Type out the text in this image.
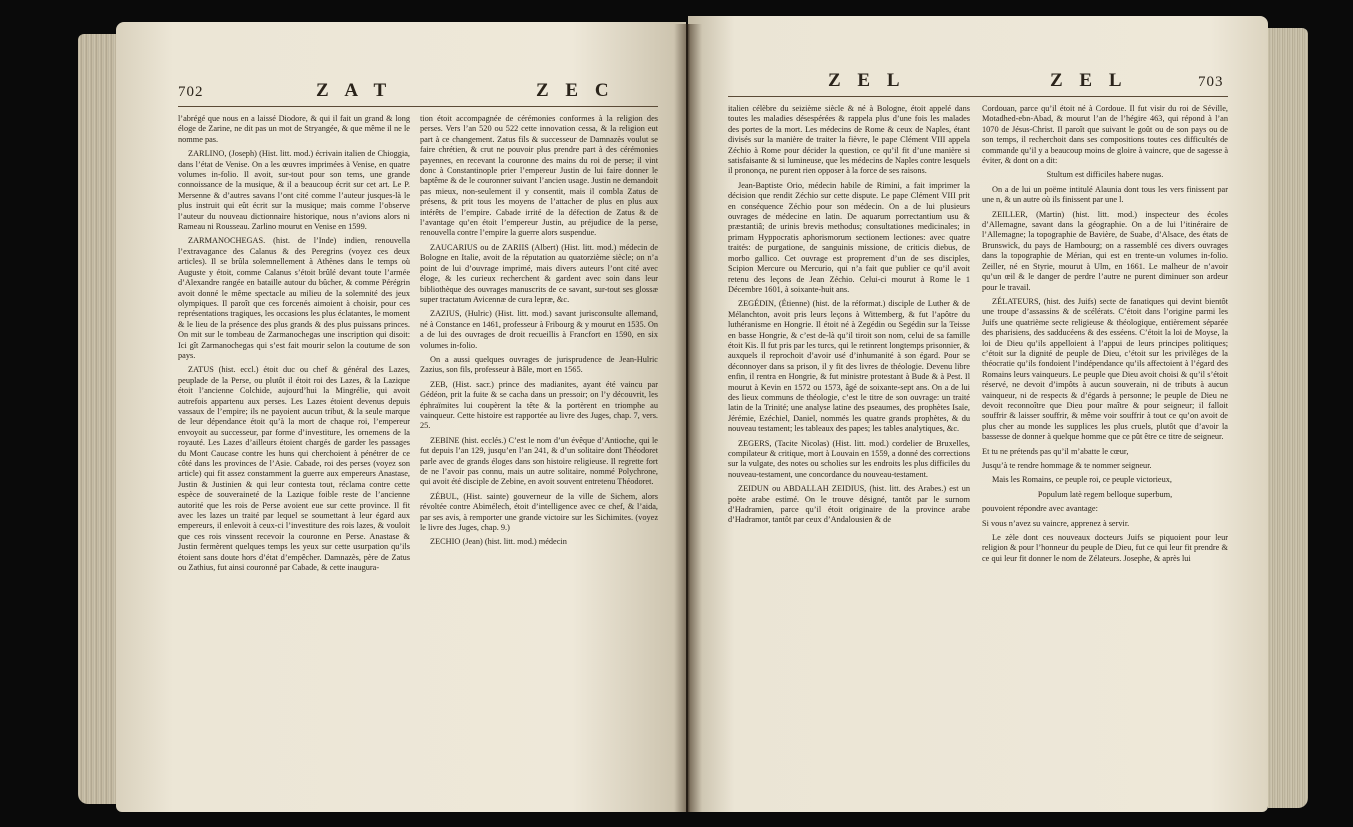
702	Z A T	Z E C

l’abrégé que nous en a laissé Diodore, & qui il fait un grand & long éloge de Zarine, ne dit pas un mot de Stryangée, & que même il ne le nomme pas.

ZARLINO, (Joseph) (Hist. litt. mod.) écrivain italien de Chioggia, dans l’état de Venise. On a les œuvres imprimées à Venise, en quatre volumes in-folio. Il avoit, sur-tout pour son tems, une grande connoissance de la musique, & il a beaucoup écrit sur cet art. Le P. Mersenne & d’autres savans l’ont cité comme l’auteur jusques-là le plus instruit qui eût écrit sur la musique; mais comme l’observe l’auteur du nouveau dictionnaire historique, nous n’avions alors ni Rameau ni Rousseau. Zarlino mourut en Venise en 1599.

ZARMANOCHEGAS. (hist. de l’Inde) indien, renouvella l’extravagance des Calanus & des Peregrins (voyez ces deux articles). Il se brûla solemnellement à Athènes dans le temps où Auguste y étoit, comme Calanus s’étoit brûlé devant toute l’armée d’Alexandre rangée en bataille autour du bûcher, & comme Pérégrin avoit donné le même spectacle au milieu de la solemnité des jeux olympiques. Il paroît que ces forcenés aimoient à choisir, pour ces représentations tragiques, les occasions les plus éclatantes, le moment & le lieu de la présence des plus grands & des plus puissans princes. On mit sur le tombeau de Zarmanochegas une inscription qui disoit: Ici gît Zarmanochegas qui s’est fait mourir selon la coutume de son pays.

ZATUS (hist. eccl.) étoit duc ou chef & général des Lazes, peuplade de la Perse, ou plutôt il étoit roi des Lazes, & la Lazique étoit l’ancienne Colchide, aujourd’hui la Mingrélie, qui avoit autrefois appartenu aux perses. Les Lazes étoient devenus depuis vassaux de l’empire; ils ne payoient aucun tribut, & la seule marque de leur dépendance étoit qu’à la mort de chaque roi, l’empereur envoyoit au successeur, par forme d’investiture, les ornemens de la royauté. Les Lazes d’ailleurs étoient chargés de garder les passages du Mont Caucase contre les huns qui cherchoient à pénétrer de ce côté dans les provinces de l’Asie. Cabade, roi des perses (voyez son article) qui fit assez constamment la guerre aux empereurs Anastase, Justin & Justinien & qui leur contesta tout, réclama contre cette espèce de souveraineté de la Lazique foible reste de l’ancienne autorité que les rois de Perse avoient eue sur cette province. Il fit avec les lazes un traité par lequel se soumettant à leur égard aux empereurs, il enlevoit à ceux-ci l’investiture des rois lazes, & vouloit que ces rois vinssent recevoir la couronne en Perse. Anastase & Justin fermèrent quelques temps les yeux sur cette usurpation qu’ils étoient sans doute hors d’état d’empêcher. Damnazès, père de Zatus ou Zathius, fut ainsi couronné par Cabade, & cette inaugura-

tion étoit accompagnée de cérémonies conformes à la religion des perses. Vers l’an 520 ou 522 cette innovation cessa, & la religion eut part à ce changement. Zatus fils & successeur de Damnazès voulut se faire chrétien, & crut ne pouvoir plus prendre part à des cérémonies payennes, en recevant la couronne des mains du roi de perse; il vint donc à Constantinople prier l’empereur Justin de lui faire donner le baptême & de le couronner suivant l’ancien usage. Justin ne demandoit pas mieux, non-seulement il y consentit, mais il combla Zatus de présens, & prit tous les moyens de l’attacher de plus en plus aux intérêts de l’empire. Cabade irrité de la défection de Zatus & de l’avantage qu’en étoit l’empereur Justin, au préjudice de la perse, renouvella contre l’empire la guerre alors suspendue.

ZAUCARIUS ou de ZARIIS (Albert) (Hist. litt. mod.) médecin de Bologne en Italie, avoit de la réputation au quatorzième siècle; on n’a point de lui d’ouvrage imprimé, mais divers auteurs l’ont cité avec éloge, & les curieux recherchent & gardent avec soin dans leur bibliothèque des ouvrages manuscrits de ce savant, sur-tout ses glossæ super tractatum Avicennæ de cura lepræ, &c.

ZAZIUS, (Hulric) (Hist. litt. mod.) savant jurisconsulte allemand, né à Constance en 1461, professeur à Fribourg & y mourut en 1535. On a de lui des ouvrages de droit recueillis à Francfort en 1590, en six volumes in-folio.

On a aussi quelques ouvrages de jurisprudence de Jean-Hulric Zazius, son fils, professeur à Bâle, mort en 1565.

ZEB, (Hist. sacr.) prince des madianites, ayant été vaincu par Gédéon, prit la fuite & se cacha dans un pressoir; on l’y découvrit, les éphraïmites lui coupèrent la tête & la portèrent en triomphe au vainqueur. Cette histoire est rapportée au livre des Juges, chap. 7, vers. 25.

ZEBINE (hist. ecclés.) C’est le nom d’un évêque d’Antioche, qui le fut depuis l’an 129, jusqu’en l’an 241, & d’un solitaire dont Théodoret parle avec de grands éloges dans son histoire religieuse. Il regrette fort de ne l’avoir pas connu, mais un autre solitaire, nommé Polychrone, qui avoit été disciple de Zebine, en avoit souvent entretenu Théodoret.

ZÉBUL, (Hist. sainte) gouverneur de la ville de Sichem, alors révoltée contre Abimélech, étoit d’intelligence avec ce chef, & l’aida, par ses avis, à remporter une grande victoire sur les Sichimites. (voyez le livre des Juges, chap. 9.)

ZECHIO (Jean) (hist. litt. mod.) médecin

Z E L	Z E L	703

italien célèbre du seizième siècle & né à Bologne, étoit appelé dans toutes les maladies désespérées & rappela plus d’une fois les malades des portes de la mort. Les médecins de Rome & ceux de Naples, étant divisés sur la manière de traiter la fièvre, le pape Clément VIII appela Zéchio à Rome pour décider la question, ce qu’il fit d’une manière si satisfaisante & si lumineuse, que les médecins de Naples contre lesquels il prononça, ne purent rien opposer à la force de ses raisons.

Jean-Baptiste Orio, médecin habile de Rimini, a fait imprimer la décision que rendit Zéchio sur cette dispute. Le pape Clément VIII prit en conséquence Zéchio pour son médecin. On a de lui plusieurs ouvrages de médecine en latin. De aquarum porrectantium usu & præstantiâ; de urinis brevis methodus; consultationes medicinales; in primam Hyppocratis aphorismorum sectionem lectiones: avec quatre traités: de purgatione, de sanguinis missione, de criticis diebus, de morbo gallico. Cet ouvrage est proprement d’un de ses disciples, Scipion Mercure ou Mercurio, qui n’a fait que publier ce qu’il avoit retenu des leçons de Jean Zéchio. Celui-ci mourut à Rome le 1 Décembre 1601, à soixante-huit ans.

ZEGÉDIN, (Étienne) (hist. de la réformat.) disciple de Luther & de Mélanchton, avoit pris leurs leçons à Wittemberg, & fut l’apôtre du luthéranisme en Hongrie. Il étoit né à Zegédin ou Segédin sur la Teisse en basse Hongrie, & c’est de-là qu’il tiroit son nom, celui de sa famille étoit Kis. Il fut pris par les turcs, qui le retinrent longtemps prisonnier, & auxquels il reprochoit d’avoir usé d’inhumanité à son égard. Pour se déconnoyer dans sa prison, il y fit des livres de théologie. Devenu libre enfin, il rentra en Hongrie, & fut ministre protestant à Bude & à Pest. Il mourut à Kevin en 1572 ou 1573, âgé de soixante-sept ans. On a de lui des lieux communs de théologie, c’est le titre de son ouvrage: un traité latin de la Trinité; une analyse latine des pseaumes, des prophètes Isaïe, Jérémie, Ezéchiel, Daniel, nommés les quatre grands prophètes, & du nouveau testament; les tableaux des papes; les tables analytiques, &c.

ZEGERS, (Tacite Nicolas) (Hist. litt. mod.) cordelier de Bruxelles, compilateur & critique, mort à Louvain en 1559, a donné des corrections sur la vulgate, des notes ou scholies sur les endroits les plus difficiles du nouveau-testament, une concordance du nouveau-testament.

ZEIDUN ou ABDALLAH ZEIDIUS, (hist. litt. des Arabes.) est un poète arabe estimé. On le trouve désigné, tantôt par le surnom d’Hadramien, parce qu’il étoit originaire de la province arabe d’Hadramor, tantôt par ceux d’Andalousien & de

Cordouan, parce qu’il étoit né à Cordoue. Il fut visir du roi de Séville, Motadhed-ebn-Abad, & mourut l’an de l’hégire 463, qui répond à l’an 1070 de Jésus-Christ. Il paroît que suivant le goût ou de son pays ou de son temps, il recherchoit dans ses compositions toutes ces difficultés de commande qu’il y a beaucoup moins de gloire à vaincre, que de sagesse à éviter, & dont on a dit:

Stultum est difficiles habere nugas.

On a de lui un poëme intitulé Alaunia dont tous les vers finissent par une n, & un autre où ils finissent par une l.

ZEILLER, (Martin) (hist. litt. mod.) inspecteur des écoles d’Allemagne, savant dans la géographie. On a de lui l’itinéraire de l’Allemagne; la topographie de Bavière, de Suabe, d’Alsace, des états de Brunswick, du pays de Hambourg; on a rassemblé ces divers ouvrages dans la topographie de Mérian, qui est en trente-un volumes in-folio. Zeiller, né en Styrie, mourut à Ulm, en 1661. Le malheur de n’avoir qu’un œil & le danger de perdre l’autre ne purent diminuer son ardeur pour le travail.

ZÉLATEURS, (hist. des Juifs) secte de fanatiques qui devint bientôt une troupe d’assassins & de scélérats. C’étoit dans l’origine parmi les Juifs une quatrième secte religieuse & théologique, entièrement séparée des pharisiens, des sadducéens & des esséens. C’étoit la loi de Moyse, la loi de Dieu qu’ils appelloient à l’appui de leurs principes politiques; c’étoit sur la dignité de peuple de Dieu, c’étoit sur les privilèges de la théocratie qu’ils fondoient l’indépendance qu’ils affectoient à l’égard des Romains leurs vainqueurs. Le peuple que Dieu avoit choisi & qu’il s’étoit réservé, ne devoit d’impôts à aucun souverain, ni de tributs à aucun vainqueur, ni de respects & d’égards à personne; le peuple de Dieu ne devoit reconnoître que Dieu pour maître & pour seigneur; il falloit souffrir & laisser souffrir, & même voir souffrir à tout ce qu’on avoit de plus cher au monde les supplices les plus cruels, plutôt que d’avoir la bassesse de donner à quelque homme que ce pût être ce titre de seigneur.

Et tu ne prétends pas qu’il m’abatte le cœur,

Jusqu’à te rendre hommage & te nommer seigneur.

Mais les Romains, ce peuple roi, ce peuple victorieux,

Populum latè regem belloque superbum,

pouvoient répondre avec avantage:

Si vous n’avez su vaincre, apprenez à servir.

Le zèle dont ces nouveaux docteurs Juifs se piquoient pour leur religion & pour l’honneur du peuple de Dieu, fut ce qui leur fit prendre & ce qui leur fit donner le nom de Zélateurs. Josephe, & après lui
